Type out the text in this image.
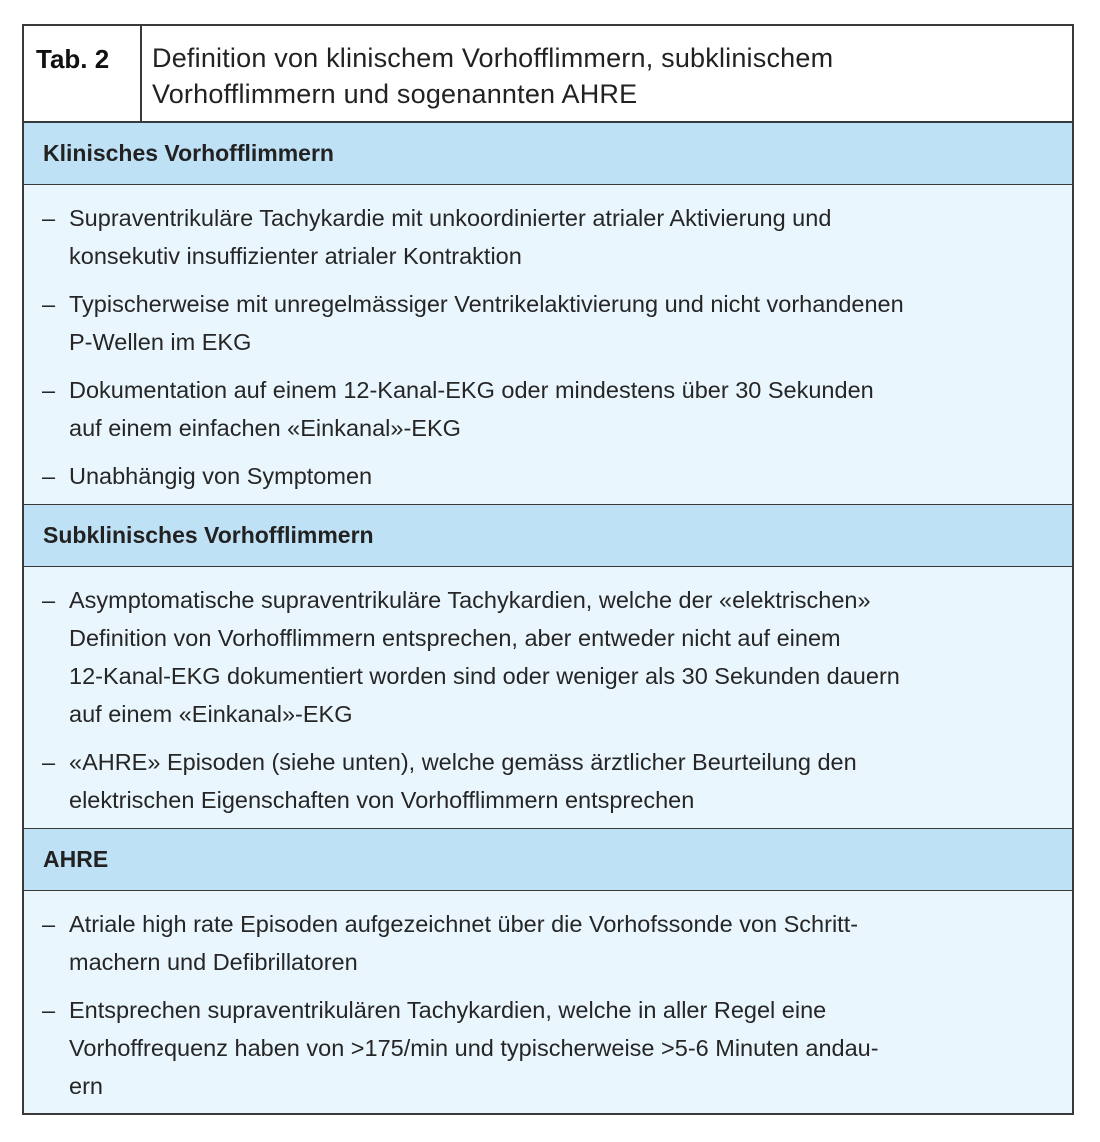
Tab. 2	Definition von klinischem Vorhofflimmern, subklinischem
Vorhofflimmern und sogenannten AHRE
Klinisches Vorhofflimmern
– Supraventrikuläre Tachykardie mit unkoordinierter atrialer Aktivierung und
konsekutiv insuffizienter atrialer Kontraktion
– Typischerweise mit unregelmässiger Ventrikelaktivierung und nicht vorhandenen
P-Wellen im EKG
– Dokumentation auf einem 12-Kanal-EKG oder mindestens über 30 Sekunden
auf einem einfachen «Einkanal»-EKG
– Unabhängig von Symptomen
Subklinisches Vorhofflimmern
– Asymptomatische supraventrikuläre Tachykardien, welche der «elektrischen»
Definition von Vorhofflimmern entsprechen, aber entweder nicht auf einem
12-Kanal-EKG dokumentiert worden sind oder weniger als 30 Sekunden dauern
auf einem «Einkanal»-EKG
– «AHRE» Episoden (siehe unten), welche gemäss ärztlicher Beurteilung den
elektrischen Eigenschaften von Vorhofflimmern entsprechen
AHRE
– Atriale high rate Episoden aufgezeichnet über die Vorhofssonde von Schritt-
machern und Defibrillatoren
– Entsprechen supraventrikulären Tachykardien, welche in aller Regel eine
Vorhoffrequenz haben von >175/min und typischerweise >5-6 Minuten andau-
ern
